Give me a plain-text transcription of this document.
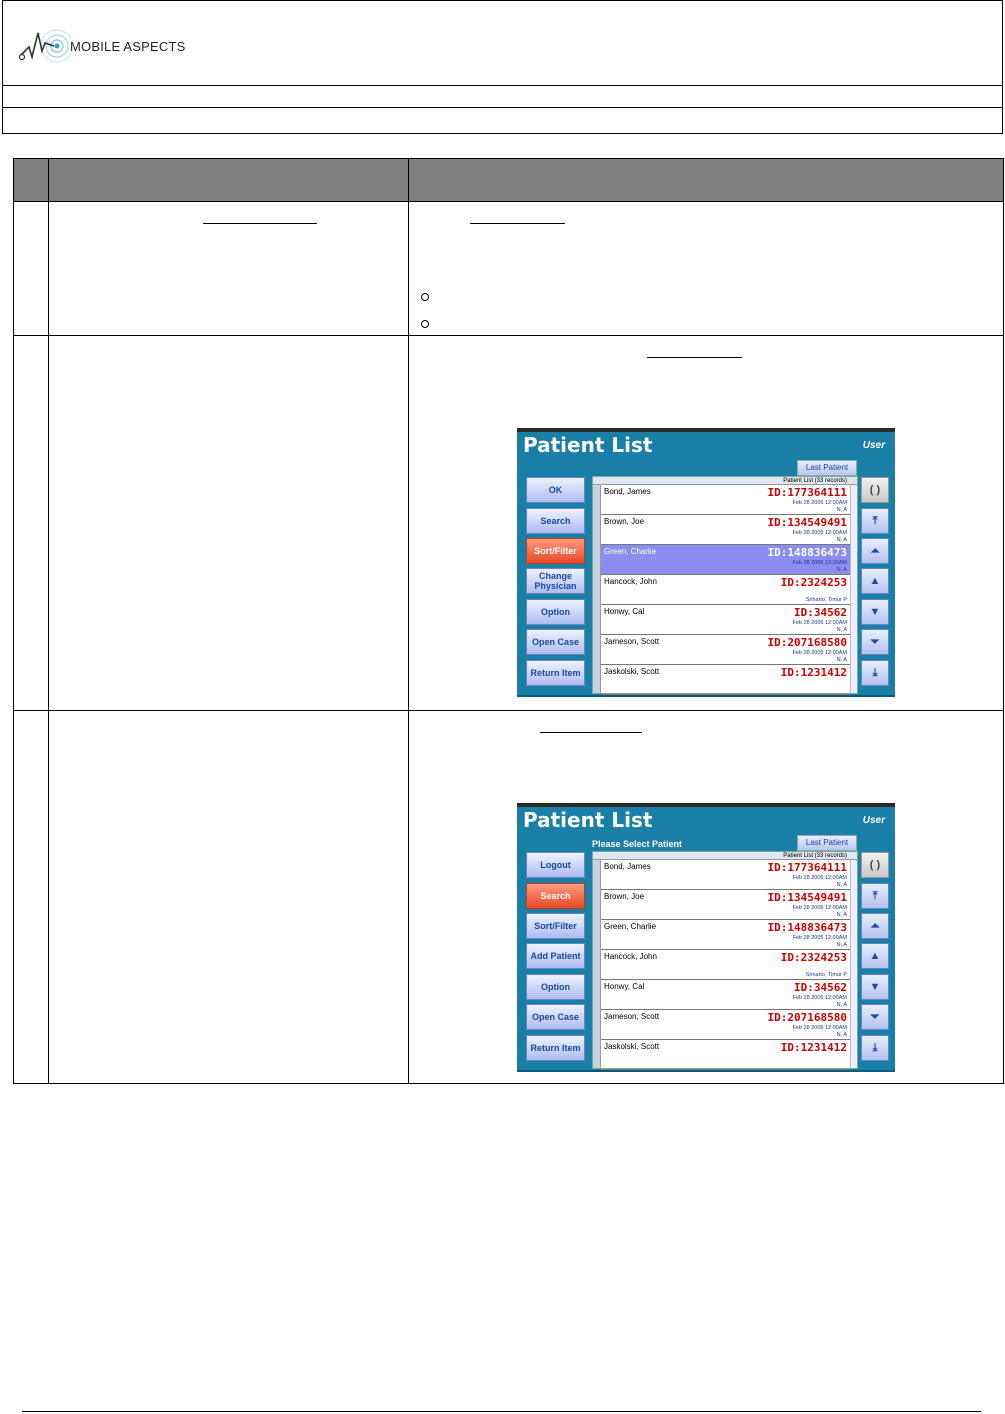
MOBILE ASPECTS
Patient List	User
Last Patient
OK
Search
Sort/Filter
Change Physician
Option
Open Case
Return Item
Patient List (33 records)
Bond, James	ID:177364111
Feb 28 2005 12:00AM
N, A
Brown, Joe	ID:134549491
Feb 28 2005 12:00AM
N, A
Green, Charlie	ID:148836473
Feb 28 2005 12:00AM
N, A
Hancock, John	ID:2324253
Sriharto, Timur P
Honwy, Cal	ID:34562
Feb 28 2005 12:00AM
N, A
Jameson, Scott	ID:207168580
Feb 28 2005 12:00AM
N, A
Jaskolski, Scott	ID:1231412
( )
⤒
⏶
▲
▼
⏷
⤓
Patient List	User
Please Select Patient	Last Patient
Logout
Search
Sort/Filter
Add Patient
Option
Open Case
Return Item
Patient List (33 records)
Bond, James	ID:177364111
Feb 28 2005 12:00AM
N, A
Brown, Joe	ID:134549491
Feb 28 2005 12:00AM
N, A
Green, Charlie	ID:148836473
Feb 28 2005 12:00AM
N, A
Hancock, John	ID:2324253
Sriharto, Timur P
Honwy, Cal	ID:34562
Feb 28 2005 12:00AM
N, A
Jameson, Scott	ID:207168580
Feb 28 2005 12:00AM
N, A
Jaskolski, Scott	ID:1231412
( )
⤒
⏶
▲
▼
⏷
⤓
